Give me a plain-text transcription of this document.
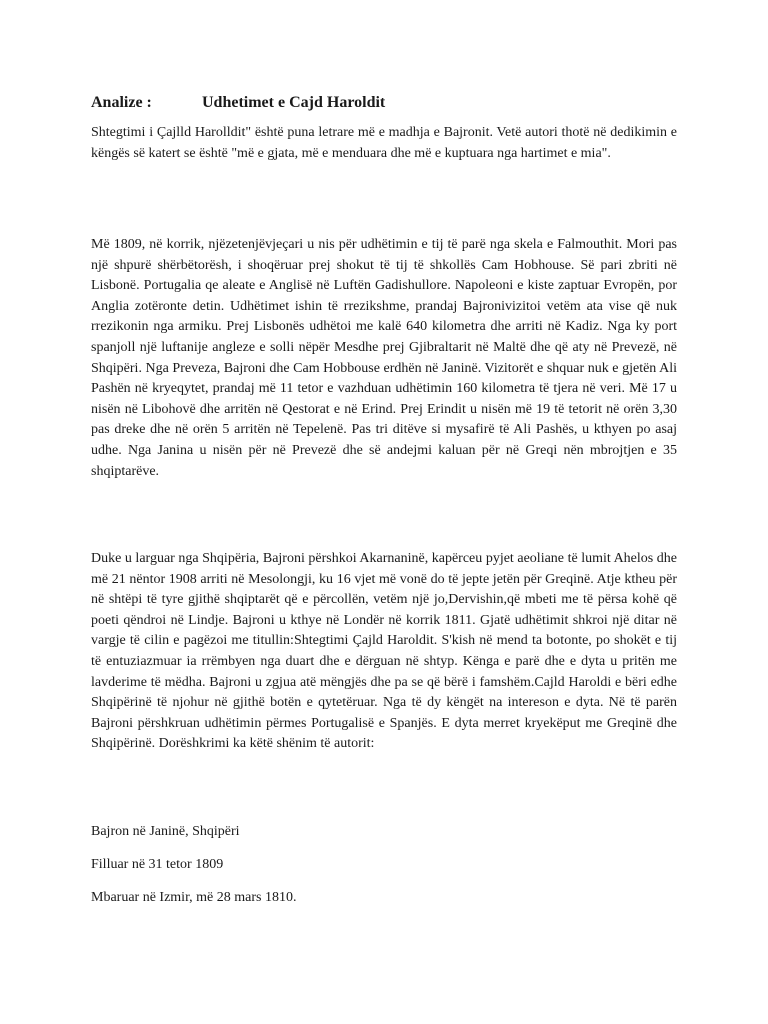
Analize :	Udhetimet e Cajd Haroldit

Shtegtimi i Çajlld Harolldit" është puna letrare më e madhja e Bajronit. Vetë autori thotë në dedikimin e këngës së katert se është "më e gjata, më e menduara dhe më e kuptuara nga hartimet e mia".

Më 1809, në korrik, njëzetenjëvjeçari u nis për udhëtimin e tij të parë nga skela e Falmouthit. Mori pas një shpurë shërbëtorësh, i shoqëruar prej shokut të tij të shkollës Cam Hobhouse. Së pari zbriti në Lisbonë. Portugalia qe aleate e Anglisë në Luftën Gadishullore. Napoleoni e kiste zaptuar Evropën, por Anglia zotëronte detin. Udhëtimet ishin të rrezikshme, prandaj Bajronivizitoi vetëm ata vise që nuk rrezikonin nga armiku. Prej Lisbonës udhëtoi me kalë 640 kilometra dhe arriti në Kadiz. Nga ky port spanjoll një luftanije angleze e solli nëpër Mesdhe prej Gjibraltarit në Maltë dhe që aty në Prevezë, në Shqipëri. Nga Preveza, Bajroni dhe Cam Hobbouse erdhën në Janinë. Vizitorët e shquar nuk e gjetën Ali Pashën në kryeqytet, prandaj më 11 tetor e vazhduan udhëtimin 160 kilometra të tjera në veri. Më 17 u nisën në Libohovë dhe arritën në Qestorat e në Erind. Prej Erindit u nisën më 19 të tetorit në orën 3,30 pas dreke dhe në orën 5 arritën në Tepelenë. Pas tri ditëve si mysafirë të Ali Pashës, u kthyen po asaj udhe. Nga Janina u nisën për në Prevezë dhe së andejmi kaluan për në Greqi nën mbrojtjen e 35 shqiptarëve.

Duke u larguar nga Shqipëria, Bajroni përshkoi Akarnaninë, kapërceu pyjet aeoliane të lumit Ahelos dhe më 21 nëntor 1908 arriti në Mesolongji, ku 16 vjet më vonë do të jepte jetën për Greqinë. Atje ktheu për në shtëpi të tyre gjithë shqiptarët që e përcollën, vetëm një jo,Dervishin,që mbeti me të përsa kohë që poeti qëndroi në Lindje. Bajroni u kthye në Londër në korrik 1811. Gjatë udhëtimit shkroi një ditar në vargje të cilin e pagëzoi me titullin:Shtegtimi Çajld Haroldit. S'kish në mend ta botonte, po shokët e tij të entuziazmuar ia rrëmbyen nga duart dhe e dërguan në shtyp. Kënga e parë dhe e dyta u pritën me lavderime të mëdha. Bajroni u zgjua atë mëngjës dhe pa se që bërë i famshëm.Cajld Haroldi e bëri edhe Shqipërinë të njohur në gjithë botën e qytetëruar. Nga të dy këngët na intereson e dyta. Në të parën Bajroni përshkruan udhëtimin përmes Portugalisë e Spanjës. E dyta merret kryekëput me Greqinë dhe Shqipërinë. Dorëshkrimi ka këtë shënim të autorit:

Bajron në Janinë, Shqipëri

Filluar në 31 tetor 1809

Mbaruar në Izmir, më 28 mars 1810.
